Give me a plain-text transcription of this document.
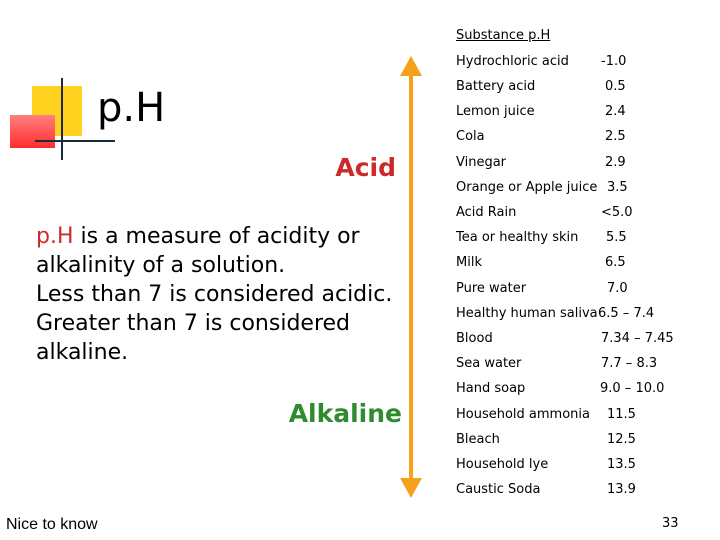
p.H
Acid
Alkaline
p.H is a measure of acidity or
alkalinity of a solution.
Less than 7 is considered acidic.
Greater than 7 is considered
alkaline.
Substance p.H
Hydrochloric acid -1.0
Battery acid	0.5
Lemon juice	2.4
Cola	2.5
Vinegar	2.9
Orange or Apple juice 3.5
Acid Rain	<5.0
Tea or healthy skin 5.5
Milk	6.5
Pure water	7.0
Healthy human saliva 6.5 – 7.4
Blood	7.34 – 7.45
Sea water	7.7 – 8.3
Hand soap	9.0 – 10.0
Household ammonia 11.5
Bleach	12.5
Household lye	13.5
Caustic Soda	13.9
Nice to know	33
